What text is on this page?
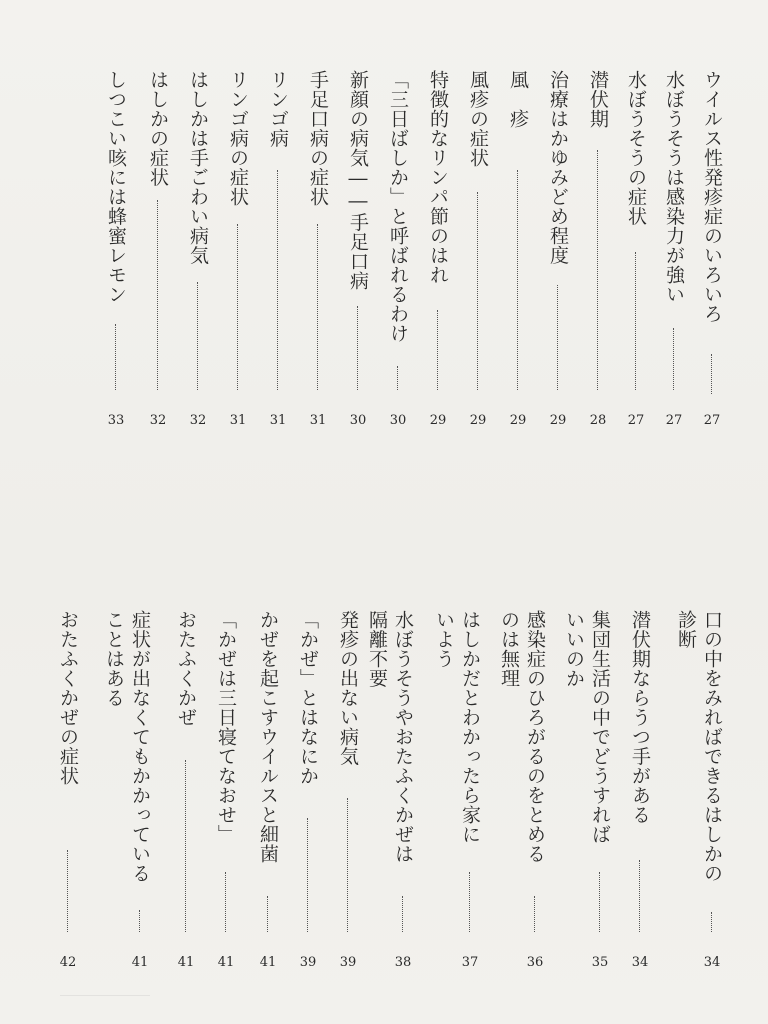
ウイルス性発疹症のいろいろ
27
水ぼうそうは感染力が強い
27
水ぼうそうの症状
27
潜伏期
28
治療はかゆみどめ程度
29
風　疹
29
風疹の症状
29
特徴的なリンパ節のはれ
29
「三日ばしか」と呼ばれるわけ
30
新顔の病気――手足口病
30
手足口病の症状
31
リンゴ病
31
リンゴ病の症状
31
はしかは手ごわい病気
32
はしかの症状
32
しつこい咳には蜂蜜レモン
33
口の中をみればできるはしかの
診断
34
潜伏期ならうつ手がある
34
集団生活の中でどうすれば
いいのか
35
感染症のひろがるのをとめる
のは無理
36
はしかだとわかったら家に
いよう
37
水ぼうそうやおたふくかぜは
隔離不要
38
発疹の出ない病気
39
「かぜ」とはなにか
39
かぜを起こすウイルスと細菌
41
「かぜは三日寝てなおせ」
41
おたふくかぜ
41
症状が出なくてもかかっている
ことはある
41
おたふくかぜの症状
42
